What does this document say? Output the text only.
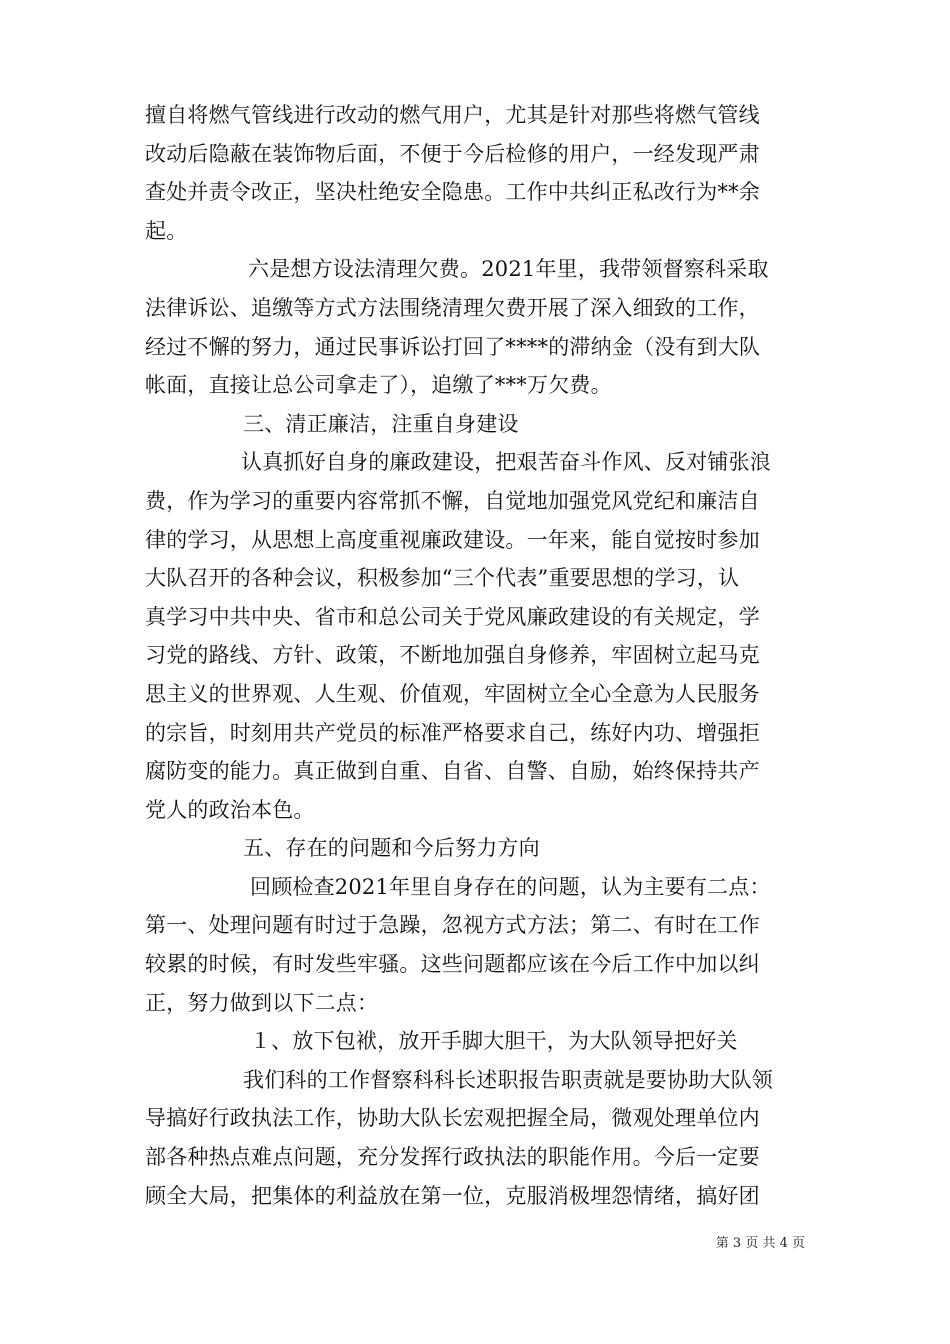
擅自将燃气管线进行改动的燃气用户，尤其是针对那些将燃气管线
改动后隐蔽在装饰物后面，不便于今后检修的用户，一经发现严肃
查处并责令改正，坚决杜绝安全隐患。工作中共纠正私改行为**余
起。
六是想方设法清理欠费。2021年里，我带领督察科采取
法律诉讼、追缴等方式方法围绕清理欠费开展了深入细致的工作，
经过不懈的努力，通过民事诉讼打回了****的滞纳金（没有到大队
帐面，直接让总公司拿走了），追缴了***万欠费。
三、清正廉洁，注重自身建设
认真抓好自身的廉政建设，把艰苦奋斗作风、反对铺张浪
费，作为学习的重要内容常抓不懈，自觉地加强党风党纪和廉洁自
律的学习，从思想上高度重视廉政建设。一年来，能自觉按时参加
大队召开的各种会议，积极参加“三个代表”重要思想的学习，认
真学习中共中央、省市和总公司关于党风廉政建设的有关规定，学
习党的路线、方针、政策，不断地加强自身修养，牢固树立起马克
思主义的世界观、人生观、价值观，牢固树立全心全意为人民服务
的宗旨，时刻用共产党员的标准严格要求自己，练好内功、增强拒
腐防变的能力。真正做到自重、自省、自警、自励，始终保持共产
党人的政治本色。
五、存在的问题和今后努力方向
回顾检查2021年里自身存在的问题，认为主要有二点：
第一、处理问题有时过于急躁，忽视方式方法；第二、有时在工作
较累的时候，有时发些牢骚。这些问题都应该在今后工作中加以纠
正，努力做到以下二点：
１、放下包袱，放开手脚大胆干，为大队领导把好关
我们科的工作督察科科长述职报告职责就是要协助大队领
导搞好行政执法工作，协助大队长宏观把握全局，微观处理单位内
部各种热点难点问题，充分发挥行政执法的职能作用。今后一定要
顾全大局，把集体的利益放在第一位，克服消极埋怨情绪，搞好团
第 3 页 共 4 页
